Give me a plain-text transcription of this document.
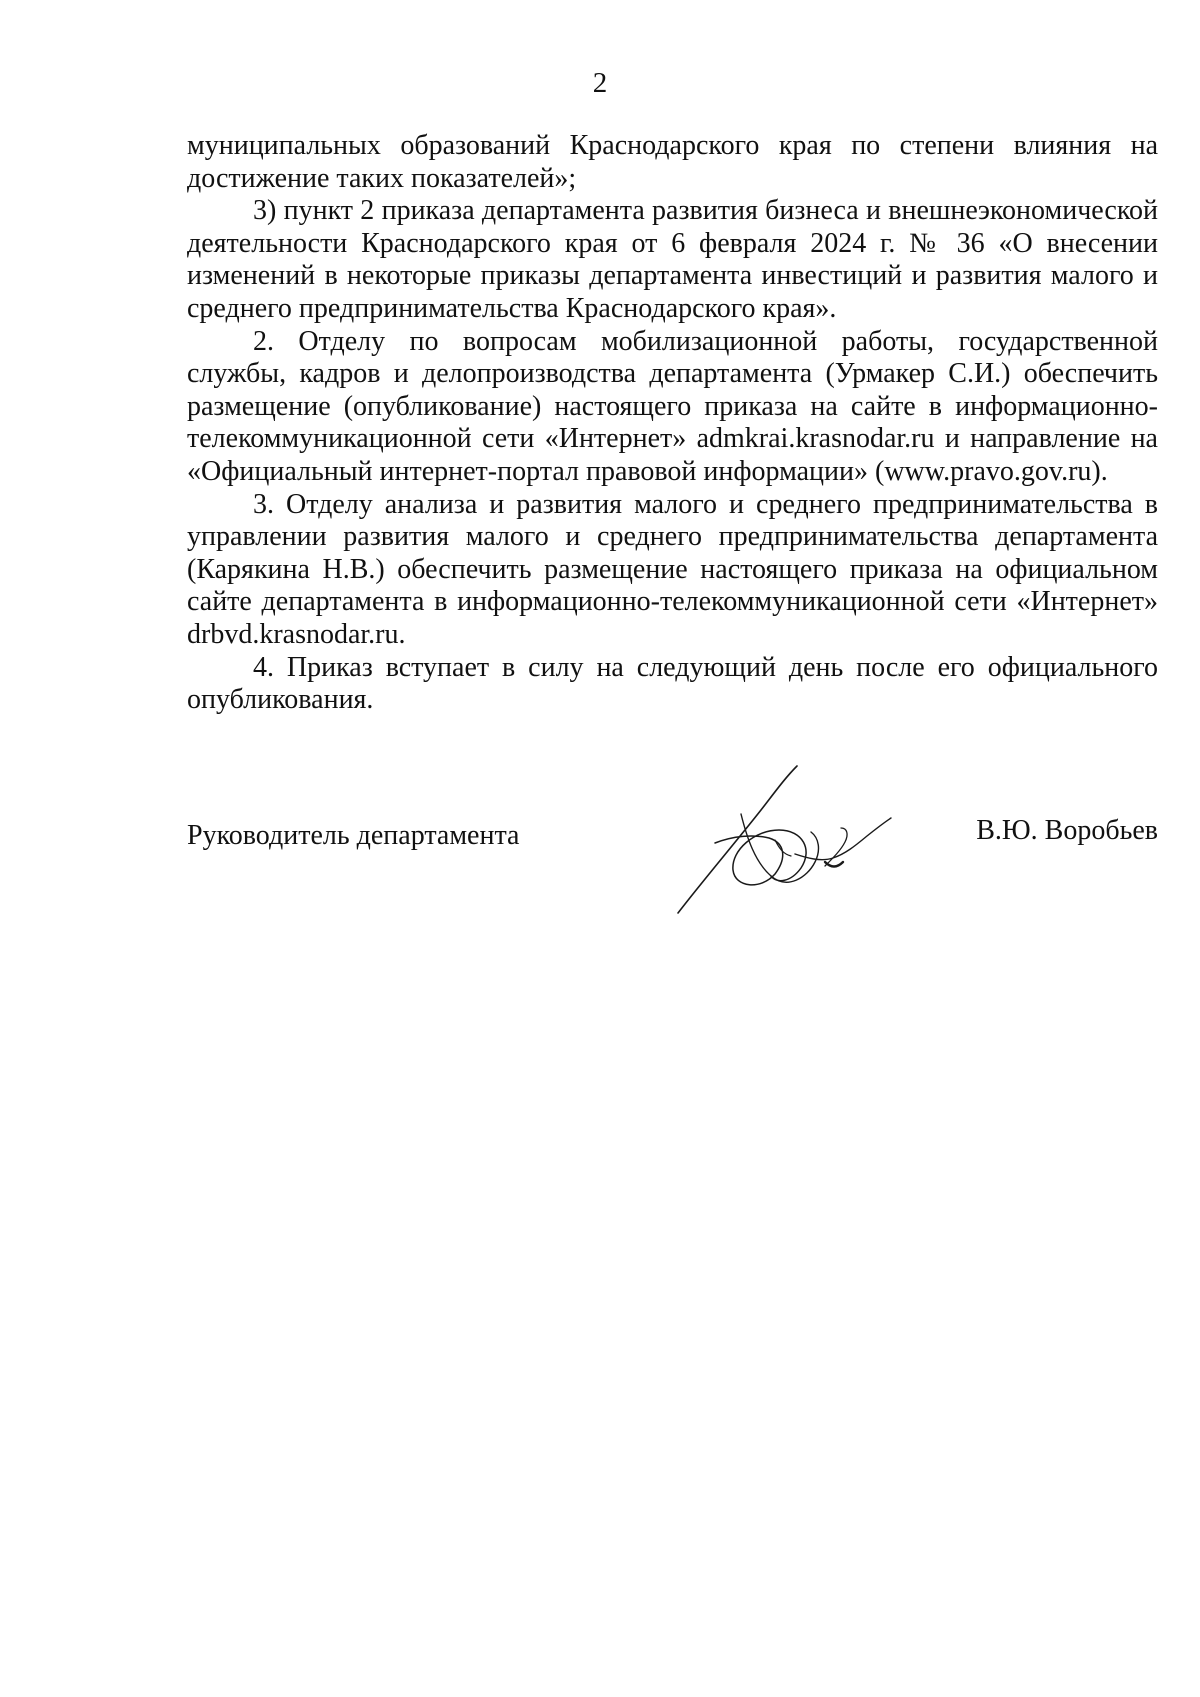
2

муниципальных образований Краснодарского края по степени влияния на достижение таких показателей»;

3) пункт 2 приказа департамента развития бизнеса и внешнеэкономической деятельности Краснодарского края от 6 февраля 2024 г. № 36 «О внесении изменений в некоторые приказы департамента инвестиций и развития малого и среднего предпринимательства Краснодарского края».

2. Отделу по вопросам мобилизационной работы, государственной службы, кадров и делопроизводства департамента (Урмакер С.И.) обеспечить размещение (опубликование) настоящего приказа на сайте в информационно-телекоммуникационной сети «Интернет» admkrai.krasnodar.ru и направление на «Официальный интернет-портал правовой информации» (www.pravo.gov.ru).

3. Отделу анализа и развития малого и среднего предпринимательства в управлении развития малого и среднего предпринимательства департамента (Карякина Н.В.) обеспечить размещение настоящего приказа на официальном сайте департамента в информационно-телекоммуникационной сети «Интернет» drbvd.krasnodar.ru.

4. Приказ вступает в силу на следующий день после его официального опубликования.

Руководитель департамента	В.Ю. Воробьев
